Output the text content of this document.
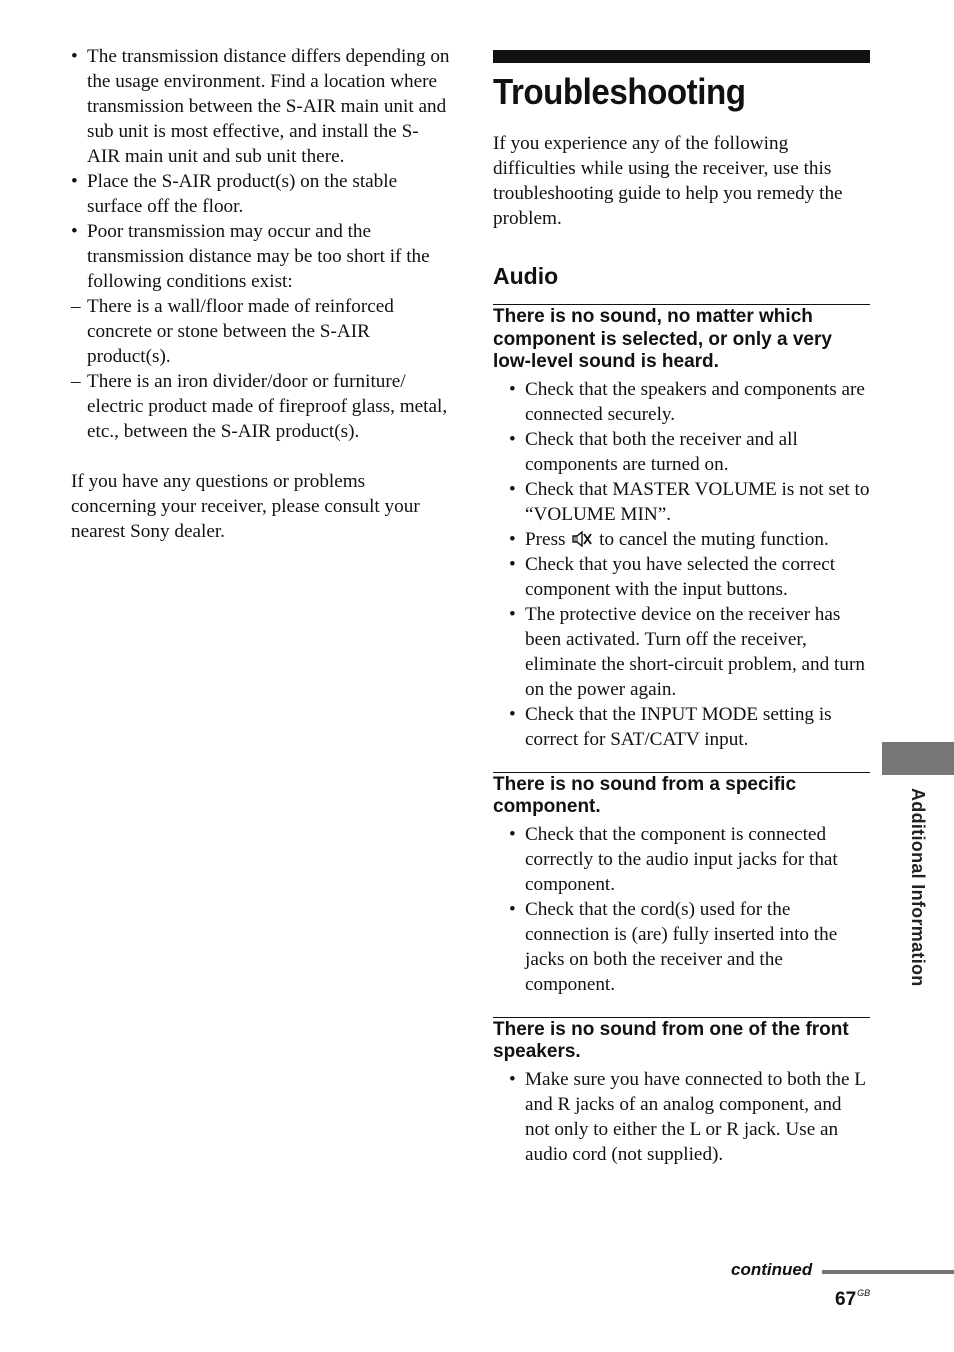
• The transmission distance differs depending on the usage environment. Find a location where transmission between the S-AIR main unit and sub unit is most effective, and install the S-AIR main unit and sub unit there.
• Place the S-AIR product(s) on the stable surface off the floor.
• Poor transmission may occur and the transmission distance may be too short if the following conditions exist:
– There is a wall/floor made of reinforced concrete or stone between the S-AIR product(s).
– There is an iron divider/door or furniture/ electric product made of fireproof glass, metal, etc., between the S-AIR product(s).

If you have any questions or problems concerning your receiver, please consult your nearest Sony dealer.

Troubleshooting

If you experience any of the following difficulties while using the receiver, use this troubleshooting guide to help you remedy the problem.

Audio
There is no sound, no matter which component is selected, or only a very low-level sound is heard.
• Check that the speakers and components are connected securely.
• Check that both the receiver and all components are turned on.
• Check that MASTER VOLUME is not set to “VOLUME MIN”.
• Press to cancel the muting function.
• Check that you have selected the correct component with the input buttons.
• The protective device on the receiver has been activated. Turn off the receiver, eliminate the short-circuit problem, and turn on the power again.
• Check that the INPUT MODE setting is correct for SAT/CATV input.
There is no sound from a specific component.
• Check that the component is connected correctly to the audio input jacks for that component.
• Check that the cord(s) used for the connection is (are) fully inserted into the jacks on both the receiver and the component.
There is no sound from one of the front speakers.
• Make sure you have connected to both the L and R jacks of an analog component, and not only to either the L or R jack. Use an audio cord (not supplied).
Additional Information
continued
$67^{GB}$
